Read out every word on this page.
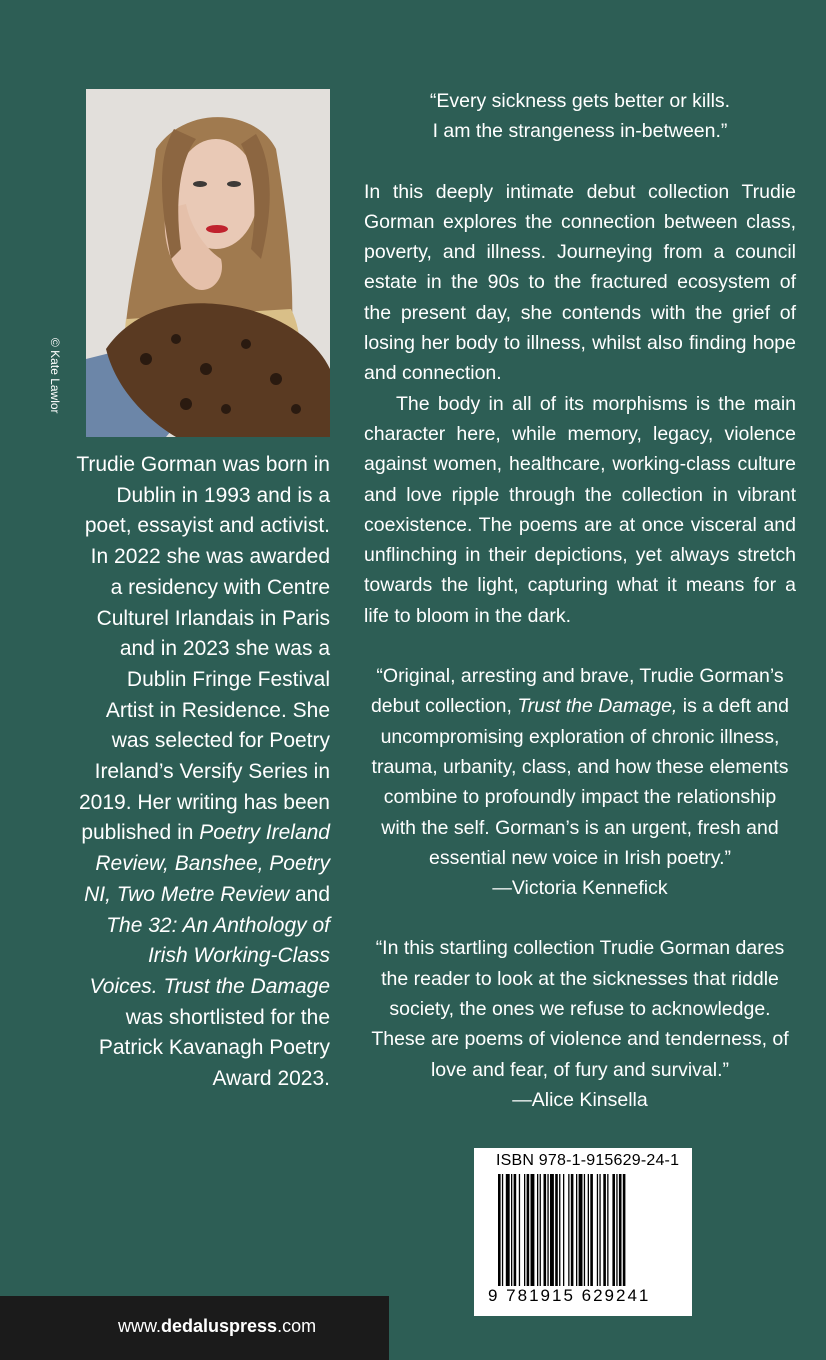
© Kate Lawlor

Trudie Gorman was born in Dublin in 1993 and is a poet, essayist and activist. In 2022 she was awarded a residency with Centre Culturel Irlandais in Paris and in 2023 she was a Dublin Fringe Festival Artist in Residence. She was selected for Poetry Ireland’s Versify Series in 2019. Her writing has been published in Poetry Ireland Review, Banshee, Poetry NI, Two Metre Review and The 32: An Anthology of Irish Working-Class Voices. Trust the Damage was shortlisted for the Patrick Kavanagh Poetry Award 2023.

“Every sickness gets better or kills.
I am the strangeness in-between.”

In this deeply intimate debut collection Trudie Gorman explores the connection between class, poverty, and illness. Journeying from a council estate in the 90s to the fractured ecosystem of the present day, she contends with the grief of losing her body to illness, whilst also finding hope and connection.

The body in all of its morphisms is the main character here, while memory, legacy, violence against women, healthcare, working-class culture and love ripple through the collection in vibrant coexistence. The poems are at once visceral and unflinching in their depictions, yet always stretch towards the light, capturing what it means for a life to bloom in the dark.

“Original, arresting and brave, Trudie Gorman’s debut collection, Trust the Damage, is a deft and uncompromising exploration of chronic illness, trauma, urbanity, class, and how these elements combine to profoundly impact the relationship with the self. Gorman’s is an urgent, fresh and essential new voice in Irish poetry.”

—Victoria Kennefick

“In this startling collection Trudie Gorman dares the reader to look at the sicknesses that riddle society, the ones we refuse to acknowledge. These are poems of violence and tenderness, of love and fear, of fury and survival.”

—Alice Kinsella
ISBN 978-1-915629-24-1
9 781915 629241
www.dedaluspress.com
